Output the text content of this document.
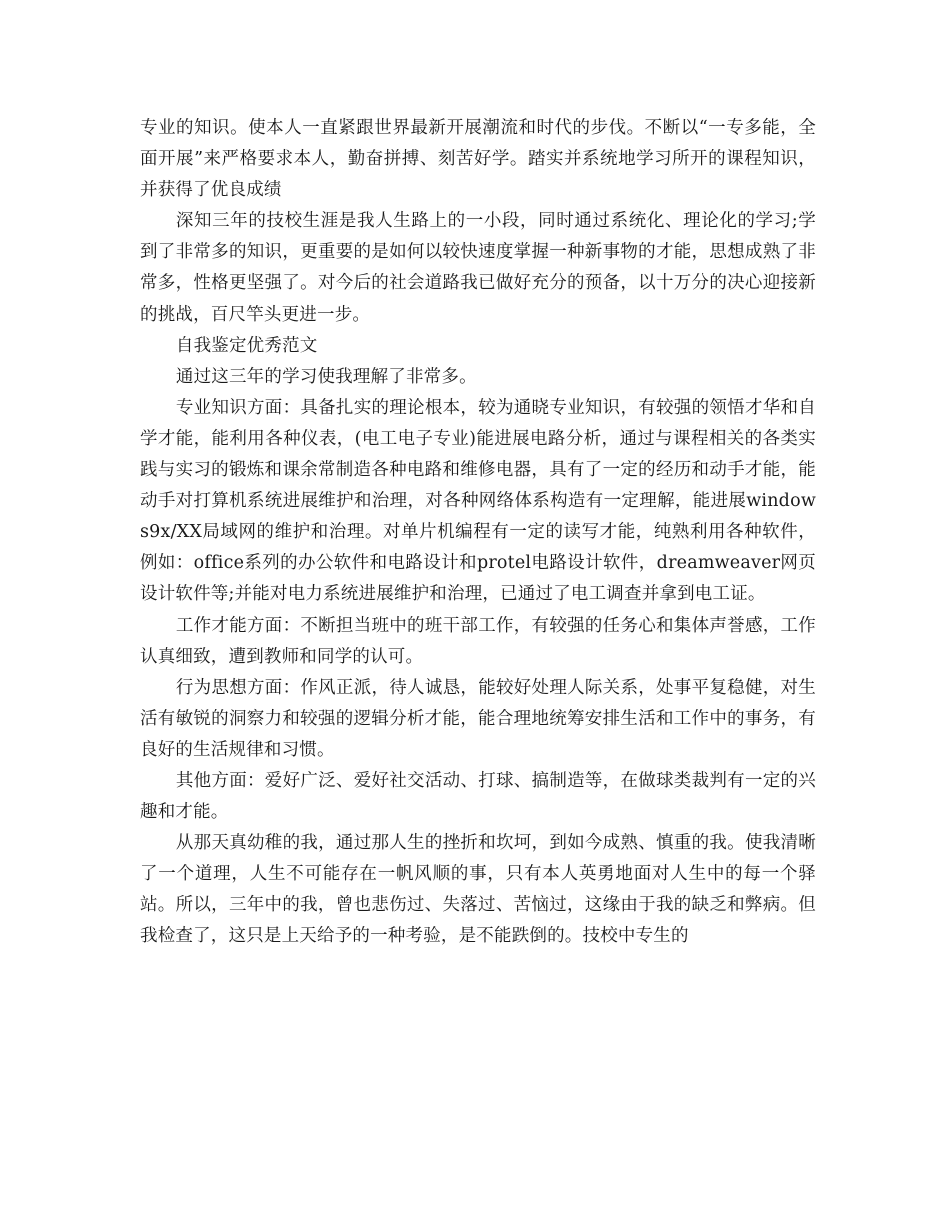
专业的知识。使本人一直紧跟世界最新开展潮流和时代的步伐。不断以“一专多能，全面开展”来严格要求本人，勤奋拼搏、刻苦好学。踏实并系统地学习所开的课程知识，并获得了优良成绩

深知三年的技校生涯是我人生路上的一小段，同时通过系统化、理论化的学习;学到了非常多的知识，更重要的是如何以较快速度掌握一种新事物的才能，思想成熟了非常多，性格更坚强了。对今后的社会道路我已做好充分的预备，以十万分的决心迎接新的挑战，百尺竿头更进一步。

自我鉴定优秀范文

通过这三年的学习使我理解了非常多。

专业知识方面：具备扎实的理论根本，较为通晓专业知识，有较强的领悟才华和自学才能，能利用各种仪表，(电工电子专业)能进展电路分析，通过与课程相关的各类实践与实习的锻炼和课余常制造各种电路和维修电器，具有了一定的经历和动手才能，能动手对打算机系统进展维护和治理，对各种网络体系构造有一定理解，能进展windows9x/XX局域网的维护和治理。对单片机编程有一定的读写才能，纯熟利用各种软件，例如：office系列的办公软件和电路设计和protel电路设计软件，dreamweaver网页设计软件等;并能对电力系统进展维护和治理，已通过了电工调查并拿到电工证。

工作才能方面：不断担当班中的班干部工作，有较强的任务心和集体声誉感，工作认真细致，遭到教师和同学的认可。

行为思想方面：作风正派，待人诚恳，能较好处理人际关系，处事平复稳健，对生活有敏锐的洞察力和较强的逻辑分析才能，能合理地统筹安排生活和工作中的事务，有良好的生活规律和习惯。

其他方面：爱好广泛、爱好社交活动、打球、搞制造等，在做球类裁判有一定的兴趣和才能。

从那天真幼稚的我，通过那人生的挫折和坎坷，到如今成熟、慎重的我。使我清晰了一个道理，人生不可能存在一帆风顺的事，只有本人英勇地面对人生中的每一个驿站。所以，三年中的我，曾也悲伤过、失落过、苦恼过，这缘由于我的缺乏和弊病。但我检查了，这只是上天给予的一种考验，是不能跌倒的。技校中专生的
